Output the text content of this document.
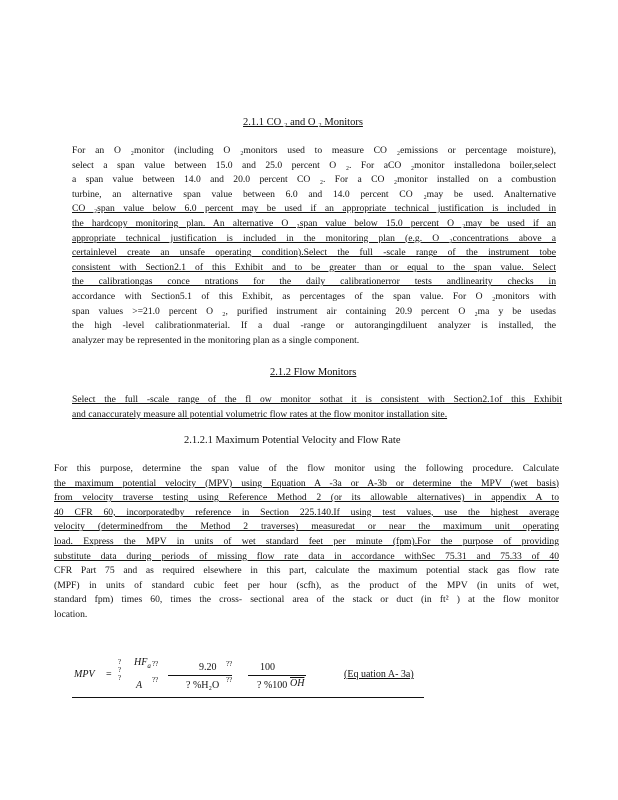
2.1.1 CO ₂ and O ₂ Monitors
For an O ₂monitor (including O ₂monitors used to measure CO ₂emissions or percentage moisture),
select a span value between 15.0 and 25.0 percent O ₂. For aCO ₂monitor installedona boiler,select
a span value between 14.0 and 20.0 percent CO ₂. For a CO ₂monitor installed on a combustion
turbine, an alternative span value between 6.0 and 14.0 percent CO ₂may be used. Analternative
CO ₂span value below 6.0 percent may be used if an appropriate technical justification is included in
the hardcopy monitoring plan. An alternative O ₂span value below 15.0 percent O ₂may be used if an
appropriate technical justification is included in the monitoring plan (e.g. O ₂concentrations above a
certainlevel create an unsafe operating condition).Select the full -scale range of the instrument tobe
consistent with Section2.1 of this Exhibit and to be greater than or equal to the span value. Select
the calibrationgas conce ntrations for the daily calibrationerror tests andlinearity checks in
accordance with Section5.1 of this Exhibit, as percentages of the span value. For O ₂monitors with
span values >=21.0 percent O ₂, purified instrument air containing 20.9 percent O ₂ma y be usedas
the high -level calibrationmaterial. If a dual -range or autorangingdiluent analyzer is installed, the
analyzer may be represented in the monitoring plan as a single component.
2.1.2 Flow Monitors
Select the full -scale range of the fl ow monitor sothat it is consistent with Section2.1of this Exhibit
and canaccurately measure all potential volumetric flow rates at the flow monitor installation site.
2.1.2.1 Maximum Potential Velocity and Flow Rate
For this purpose, determine the span value of the flow monitor using the following procedure. Calculate
the maximum potential velocity (MPV) using Equation A -3a or A-3b or determine the MPV (wet basis)
from velocity traverse testing using Reference Method 2 (or its allowable alternatives) in appendix A to
40 CFR 60, incorporatedby reference in Section 225.140.If using test values, use the highest average
velocity (determinedfrom the Method 2 traverses) measuredat or near the maximum unit operating
load. Express the MPV in units of wet standard feet per minute (fpm).For the purpose of providing
substitute data during periods of missing flow rate data in accordance withSec 75.31 and 75.33 of 40
CFR Part 75 and as required elsewhere in this part, calculate the maximum potential stack gas flow rate
(MPF) in units of standard cubic feet per hour (scfh), as the product of the MPV (in units of wet,
standard fpm) times 60, times the cross- sectional area of the stack or duct (in ft² ) at the flow monitor
location.
MPV =
? ? ?
$HF_a$
A
??
??
9.20
? %H₂O
??
??
100
? %100 $\overline{OH}$
(Eq uation A- 3a)
